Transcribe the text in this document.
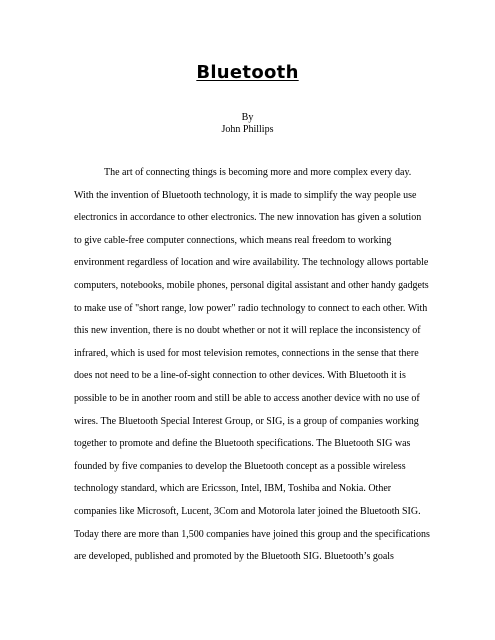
Bluetooth
By
John Phillips
The art of connecting things is becoming more and more complex every day.
With the invention of Bluetooth technology, it is made to simplify the way people use
electronics in accordance to other electronics. The new innovation has given a solution
to give cable-free computer connections, which means real freedom to working
environment regardless of location and wire availability. The technology allows portable
computers, notebooks, mobile phones, personal digital assistant and other handy gadgets
to make use of "short range, low power" radio technology to connect to each other. With
this new invention, there is no doubt whether or not it will replace the inconsistency of
infrared, which is used for most television remotes, connections in the sense that there
does not need to be a line-of-sight connection to other devices. With Bluetooth it is
possible to be in another room and still be able to access another device with no use of
wires. The Bluetooth Special Interest Group, or SIG, is a group of companies working
together to promote and define the Bluetooth specifications. The Bluetooth SIG was
founded by five companies to develop the Bluetooth concept as a possible wireless
technology standard, which are Ericsson, Intel, IBM, Toshiba and Nokia. Other
companies like Microsoft, Lucent, 3Com and Motorola later joined the Bluetooth SIG.
Today there are more than 1,500 companies have joined this group and the specifications
are developed, published and promoted by the Bluetooth SIG. Bluetooth’s goals
